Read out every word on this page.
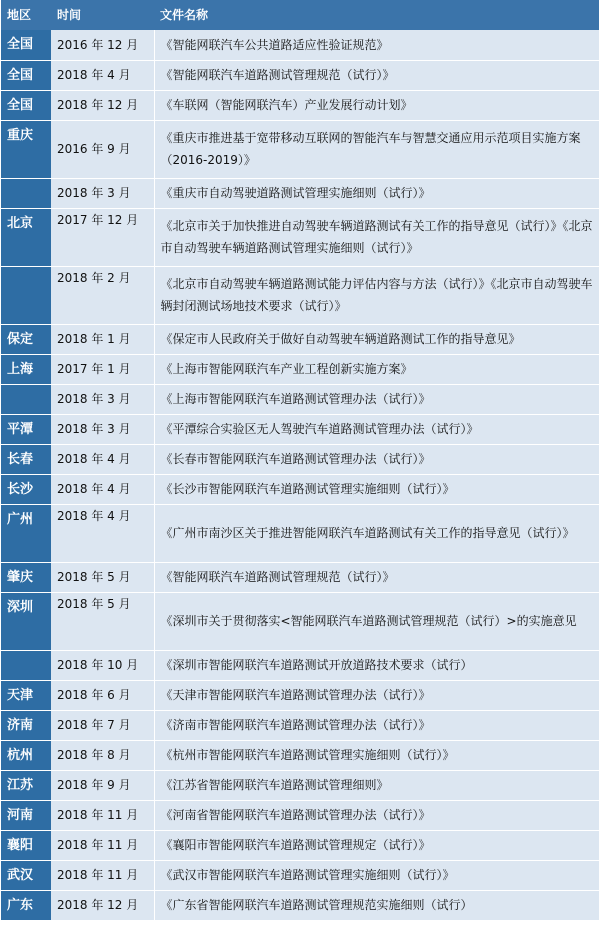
地区	时间	文件名称
全国	2016 年 12 月	《智能网联汽车公共道路适应性验证规范》
全国	2018 年 4 月	《智能网联汽车道路测试管理规范（试行）》
全国	2018 年 12 月	《车联网（智能网联汽车）产业发展行动计划》
重庆	2016 年 9 月	《重庆市推进基于宽带移动互联网的智能汽车与智慧交通应用示范项目实施方案（2016-2019）》
	2018 年 3 月	《重庆市自动驾驶道路测试管理实施细则（试行）》
北京	2017 年 12 月	《北京市关于加快推进自动驾驶车辆道路测试有关工作的指导意见（试行）》《北京市自动驾驶车辆道路测试管理实施细则（试行）》
	2018 年 2 月	《北京市自动驾驶车辆道路测试能力评估内容与方法（试行）》《北京市自动驾驶车辆封闭测试场地技术要求（试行）》
保定	2018 年 1 月	《保定市人民政府关于做好自动驾驶车辆道路测试工作的指导意见》
上海	2017 年 1 月	《上海市智能网联汽车产业工程创新实施方案》
	2018 年 3 月	《上海市智能网联汽车道路测试管理办法（试行）》
平潭	2018 年 3 月	《平潭综合实验区无人驾驶汽车道路测试管理办法（试行）》
长春	2018 年 4 月	《长春市智能网联汽车道路测试管理办法（试行）》
长沙	2018 年 4 月	《长沙市智能网联汽车道路测试管理实施细则（试行）》
广州	2018 年 4 月	《广州市南沙区关于推进智能网联汽车道路测试有关工作的指导意见（试行）》
肇庆	2018 年 5 月	《智能网联汽车道路测试管理规范（试行）》
深圳	2018 年 5 月	《深圳市关于贯彻落实<智能网联汽车道路测试管理规范（试行）>的实施意见
	2018 年 10 月	《深圳市智能网联汽车道路测试开放道路技术要求（试行）
天津	2018 年 6 月	《天津市智能网联汽车道路测试管理办法（试行）》
济南	2018 年 7 月	《济南市智能网联汽车道路测试管理办法（试行）》
杭州	2018 年 8 月	《杭州市智能网联汽车道路测试管理实施细则（试行）》
江苏	2018 年 9 月	《江苏省智能网联汽车道路测试管理细则》
河南	2018 年 11 月	《河南省智能网联汽车道路测试管理办法（试行）》
襄阳	2018 年 11 月	《襄阳市智能网联汽车道路测试管理规定（试行）》
武汉	2018 年 11 月	《武汉市智能网联汽车道路测试管理实施细则（试行）》
广东	2018 年 12 月	《广东省智能网联汽车道路测试管理规范实施细则（试行）
